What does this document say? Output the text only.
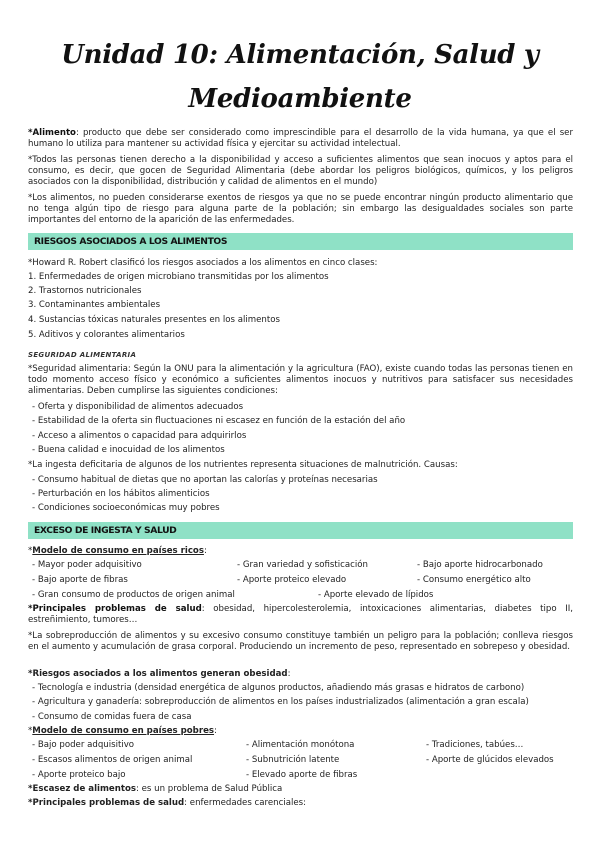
Unidad 10: Alimentación, Salud y
Medioambiente

*Alimento: producto que debe ser considerado como imprescindible para el desarrollo de la vida humana, ya que el ser humano lo utiliza para mantener su actividad física y ejercitar su actividad intelectual.

*Todos las personas tienen derecho a la disponibilidad y acceso a suficientes alimentos que sean inocuos y aptos para el consumo, es decir, que gocen de Seguridad Alimentaria (debe abordar los peligros biológicos, químicos, y los peligros asociados con la disponibilidad, distribución y calidad de alimentos en el mundo)

*Los alimentos, no pueden considerarse exentos de riesgos ya que no se puede encontrar ningún producto alimentario que no tenga algún tipo de riesgo para alguna parte de la población; sin embargo las desigualdades sociales son parte importantes del entorno de la aparición de las enfermedades.

RIESGOS ASOCIADOS A LOS ALIMENTOS
*Howard R. Robert clasificó los riesgos asociados a los alimentos en cinco clases:
1. Enfermedades de origen microbiano transmitidas por los alimentos
2. Trastornos nutricionales
3. Contaminantes ambientales
4. Sustancias tóxicas naturales presentes en los alimentos
5. Aditivos y colorantes alimentarios
SEGURIDAD ALIMENTARIA

*Seguridad alimentaria: Según la ONU para la alimentación y la agricultura (FAO), existe cuando todas las personas tienen en todo momento acceso físico y económico a suficientes alimentos inocuos y nutritivos para satisfacer sus necesidades alimentarias. Deben cumplirse las siguientes condiciones:

- Oferta y disponibilidad de alimentos adecuados
- Estabilidad de la oferta sin fluctuaciones ni escasez en función de la estación del año
- Acceso a alimentos o capacidad para adquirirlos
- Buena calidad e inocuidad de los alimentos
*La ingesta deficitaria de algunos de los nutrientes representa situaciones de malnutrición. Causas:
- Consumo habitual de dietas que no aportan las calorías y proteínas necesarias
- Perturbación en los hábitos alimenticios
- Condiciones socioeconómicas muy pobres
EXCESO DE INGESTA Y SALUD
*Modelo de consumo en países ricos:
- Mayor poder adquisitivo	- Gran variedad y sofisticación	- Bajo aporte hidrocarbonado
- Bajo aporte de fibras	- Aporte proteico elevado	- Consumo energético alto
- Gran consumo de productos de origen animal	- Aporte elevado de lípidos

*Principales problemas de salud: obesidad, hipercolesterolemia, intoxicaciones alimentarias, diabetes tipo II, estreñimiento, tumores…

*La sobreproducción de alimentos y su excesivo consumo constituye también un peligro para la población; conlleva riesgos en el aumento y acumulación de grasa corporal. Produciendo un incremento de peso, representado en sobrepeso y obesidad.

*Riesgos asociados a los alimentos generan obesidad:
- Tecnología e industria (densidad energética de algunos productos, añadiendo más grasas e hidratos de carbono)
- Agricultura y ganadería: sobreproducción de alimentos en los países industrializados (alimentación a gran escala)
- Consumo de comidas fuera de casa
*Modelo de consumo en países pobres:
- Bajo poder adquisitivo	- Alimentación monótona	- Tradiciones, tabúes…
- Escasos alimentos de origen animal	- Subnutrición latente	- Aporte de glúcidos elevados
- Aporte proteico bajo	- Elevado aporte de fibras
*Escasez de alimentos: es un problema de Salud Pública
*Principales problemas de salud: enfermedades carenciales:
